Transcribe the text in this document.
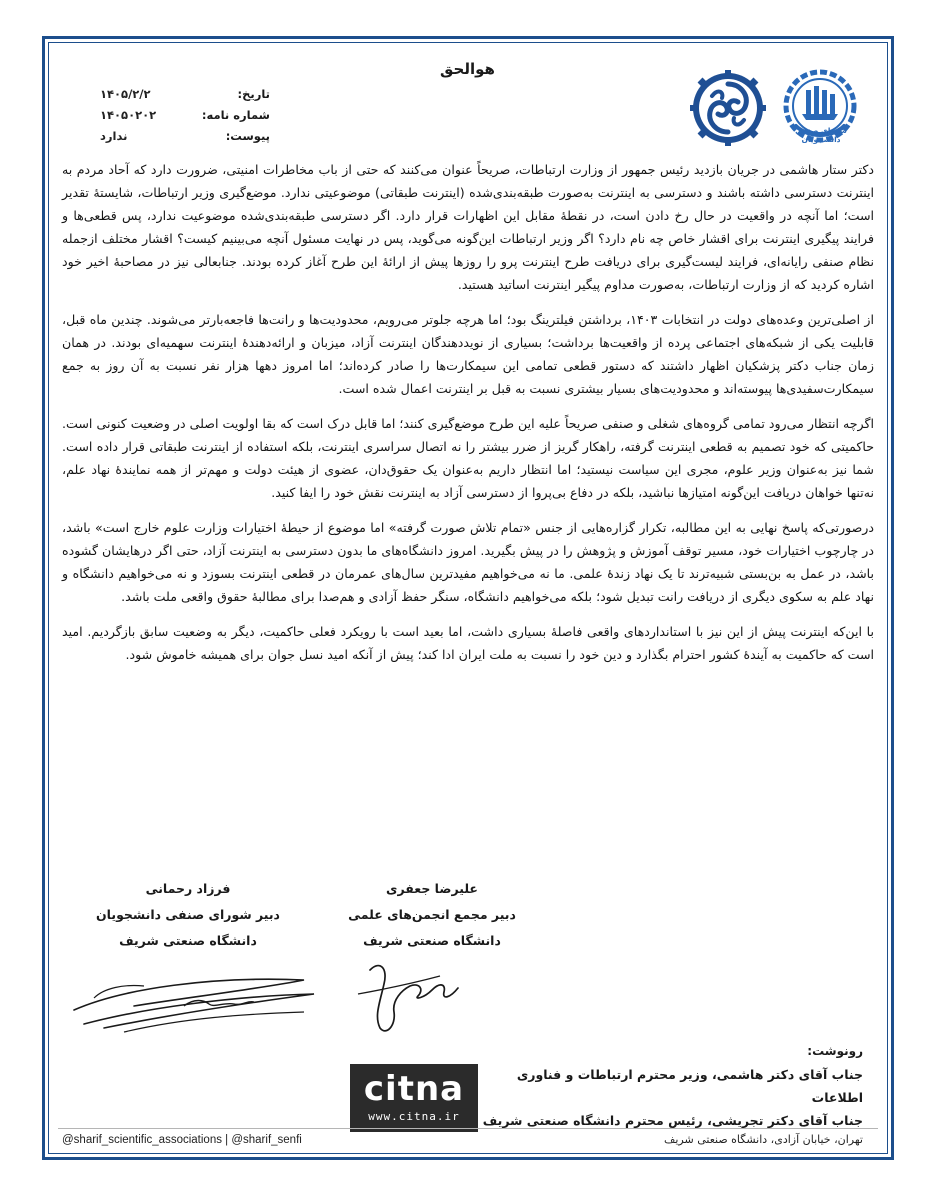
هوالحق
تاریخ:
۱۴۰۵/۲/۲
شماره نامه:
۱۴۰۵۰۲۰۲
پیوست:
ندارد	شورای صنفی دانشجویان

دکتر ستار هاشمی در جریان بازدید رئیس جمهور از وزارت ارتباطات، صریحاً عنوان می‌کنند که حتی از باب مخاطرات امنیتی، ضرورت دارد که آحاد مردم به اینترنت دسترسی داشته باشند و دسترسی به اینترنت به‌صورت طبقه‌بندی‌شده (اینترنت طبقاتی) موضوعیتی ندارد. موضع‌گیری وزیر ارتباطات، شایستهٔ تقدیر است؛ اما آنچه در واقعیت در حال رخ دادن است، در نقطهٔ مقابل این اظهارات قرار دارد. اگر دسترسی طبقه‌بندی‌شده موضوعیت ندارد، پس قطعی‌ها و فرایند پیگیری اینترنت برای اقشار خاص چه نام دارد؟ اگر وزیر ارتباطات این‌گونه می‌گوید، پس در نهایت مسئول آنچه می‌بینیم کیست؟ اقشار مختلف ازجمله نظام صنفی رایانه‌ای، فرایند لیست‌گیری برای دریافت طرح اینترنت پرو را روزها پیش از ارائهٔ این طرح آغاز کرده بودند. جنابعالی نیز در مصاحبهٔ اخیر خود اشاره کردید که از وزارت ارتباطات، به‌صورت مداوم پیگیر اینترنت اساتید هستید.

از اصلی‌ترین وعده‌های دولت در انتخابات ۱۴۰۳، برداشتن فیلترینگ بود؛ اما هرچه جلوتر می‌رویم، محدودیت‌ها و رانت‌ها فاجعه‌بارتر می‌شوند. چندین ماه قبل، قابلیت یکی از شبکه‌های اجتماعی پرده از واقعیت‌ها برداشت؛ بسیاری از نویددهندگان اینترنت آزاد، میزبان و ارائه‌دهندهٔ اینترنت سهمیه‌ای بودند. در همان زمان جناب دکتر پزشکیان اظهار داشتند که دستور قطعی تمامی این سیمکارت‌ها را صادر کرده‌اند؛ اما امروز دهها هزار نفر نسبت به آن روز به جمع سیمکارت‌سفیدی‌ها پیوسته‌اند و محدودیت‌های بسیار بیشتری نسبت به قبل بر اینترنت اعمال شده است.

اگرچه انتظار می‌رود تمامی گروه‌های شغلی و صنفی صریحاً علیه این طرح موضع‌گیری کنند؛ اما قابل درک است که بقا اولویت اصلی در وضعیت کنونی است. حاکمیتی که خود تصمیم به قطعی اینترنت گرفته، راهکار گریز از ضرر بیشتر را نه اتصال سراسری اینترنت، بلکه استفاده از اینترنت طبقاتی قرار داده است. شما نیز به‌عنوان وزیر علوم، مجری این سیاست نیستید؛ اما انتظار داریم به‌عنوان یک حقوق‌دان، عضوی از هیئت دولت و مهم‌تر از همه نمایندهٔ نهاد علم، نه‌تنها خواهان دریافت این‌گونه امتیازها نباشید، بلکه در دفاع بی‌پروا از دسترسی آزاد به اینترنت نقش خود را ایفا کنید.

درصورتی‌که پاسخ نهایی به این مطالبه، تکرار گزاره‌هایی از جنس «تمام تلاش صورت گرفته» اما موضوع از حیطهٔ اختیارات وزارت علوم خارج است» باشد، در چارچوب اختیارات خود، مسیر توقف آموزش و پژوهش را در پیش بگیرید. امروز دانشگاه‌های ما بدون دسترسی به اینترنت آزاد، حتی اگر درهایشان گشوده باشد، در عمل به بن‌بستی شبیه‌ترند تا یک نهاد زندهٔ علمی. ما نه می‌خواهیم مفیدترین سال‌های عمرمان در قطعی اینترنت بسوزد و نه می‌خواهیم دانشگاه و نهاد علم به سکوی دیگری از دریافت رانت تبدیل شود؛ بلکه می‌خواهیم دانشگاه، سنگر حفظ آزادی و هم‌صدا برای مطالبهٔ حقوق واقعی ملت باشد.

با این‌که اینترنت پیش از این نیز با استانداردهای واقعی فاصلهٔ بسیاری داشت، اما بعید است با رویکرد فعلی حاکمیت، دیگر به وضعیت سابق بازگردیم. امید است که حاکمیت به آیندهٔ کشور احترام بگذارد و دین خود را نسبت به ملت ایران ادا کند؛ پیش از آنکه امید نسل جوان برای همیشه خاموش شود.

فرزاد رحمانی
دبیر شورای صنفی دانشجویان
دانشگاه صنعتی شریف
علیرضا جعفری
دبیر مجمع انجمن‌های علمی
دانشگاه صنعتی شریف
رونوشت:
جناب آقای دکتر هاشمی، وزیر محترم ارتباطات و فناوری اطلاعات
جناب آقای دکتر تجریشی، رئیس محترم دانشگاه صنعتی شریف
citna
www.citna.ir
@sharif_scientific_associations | @sharif_senfi	تهران، خیابان آزادی، دانشگاه صنعتی شریف
